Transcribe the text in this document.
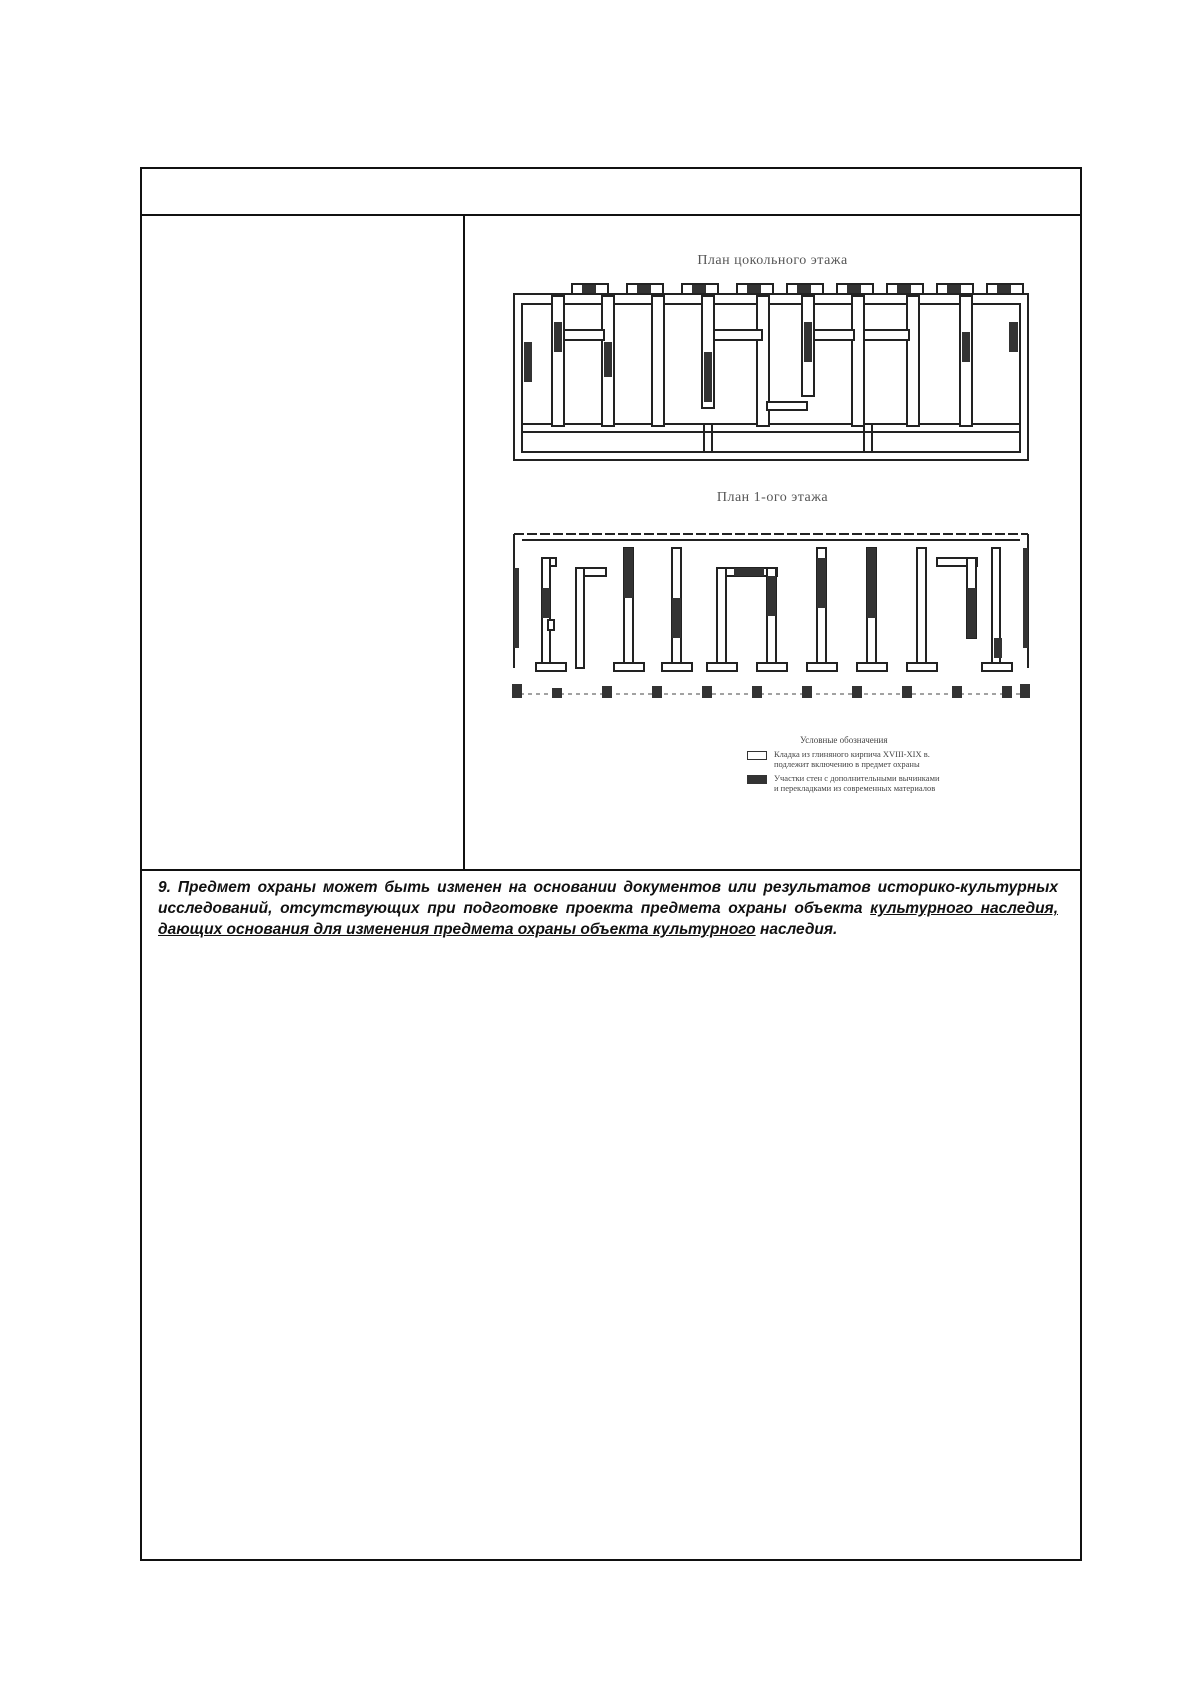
План цокольного этажа
План 1-ого этажа
Условные обозначения
Кладка из глиняного кирпича XVIII-XIX в.
подлежит включению в предмет охраны
Участки стен с дополнительными вычинками
и перекладками из современных материалов
9. Предмет охраны может быть изменен на основании документов или результатов историко-культурных исследований, отсутствующих при подготовке проекта предмета охраны объекта культурного наследия, дающих основания для изменения предмета охраны объекта культурного наследия.
